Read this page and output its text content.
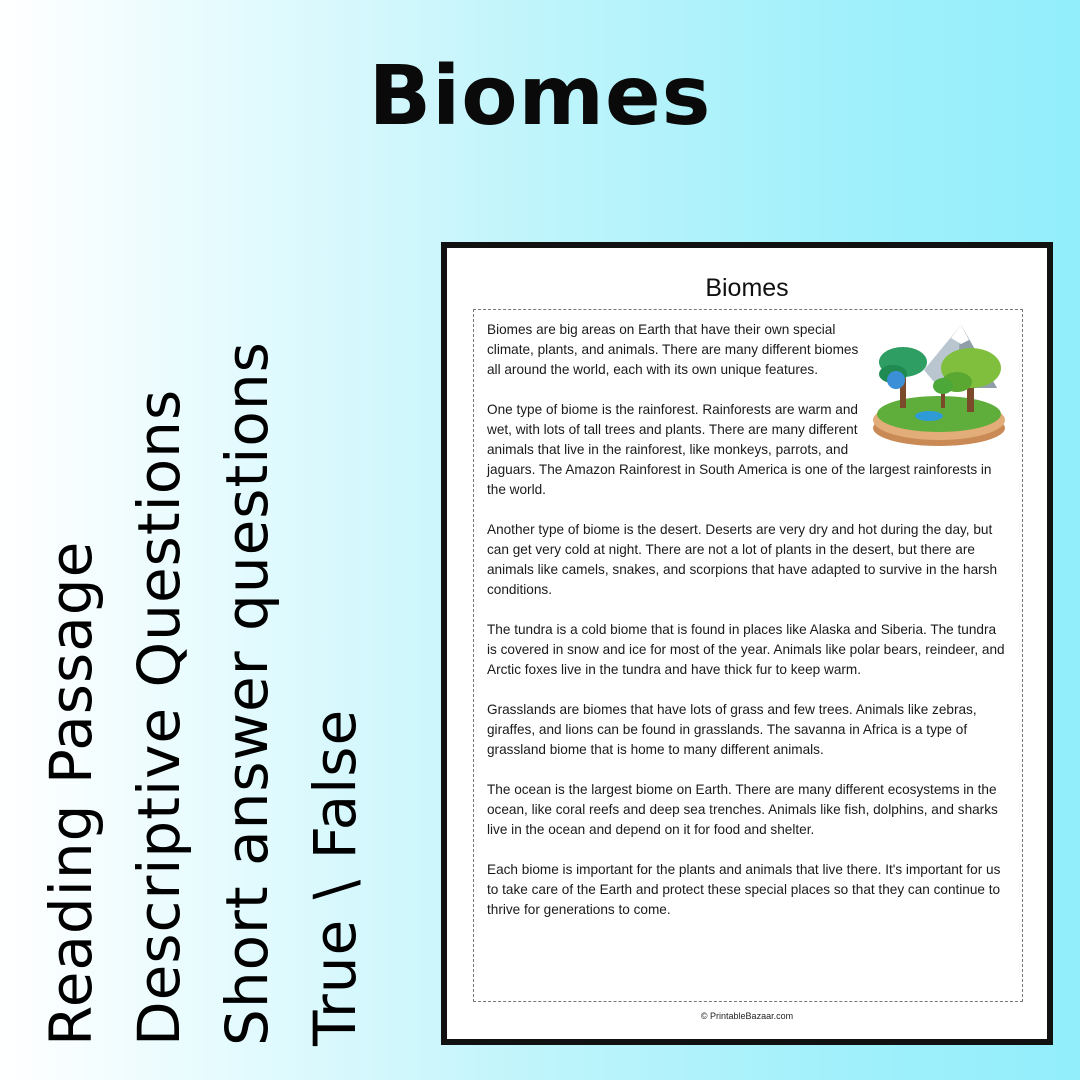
Biomes
Reading Passage Descriptive Questions Short answer questions True \ False
Biomes

Biomes are big areas on Earth that have their own special climate, plants, and animals. There are many different biomes all around the world, each with its own unique features.

One type of biome is the rainforest. Rainforests are warm and wet, with lots of tall trees and plants. There are many different animals that live in the rainforest, like monkeys, parrots, and jaguars. The Amazon Rainforest in South America is one of the largest rainforests in the world.

Another type of biome is the desert. Deserts are very dry and hot during the day, but can get very cold at night. There are not a lot of plants in the desert, but there are animals like camels, snakes, and scorpions that have adapted to survive in the harsh conditions.

The tundra is a cold biome that is found in places like Alaska and Siberia. The tundra is covered in snow and ice for most of the year. Animals like polar bears, reindeer, and Arctic foxes live in the tundra and have thick fur to keep warm.

Grasslands are biomes that have lots of grass and few trees. Animals like zebras, giraffes, and lions can be found in grasslands. The savanna in Africa is a type of grassland biome that is home to many different animals.

The ocean is the largest biome on Earth. There are many different ecosystems in the ocean, like coral reefs and deep sea trenches. Animals like fish, dolphins, and sharks live in the ocean and depend on it for food and shelter.

Each biome is important for the plants and animals that live there. It's important for us to take care of the Earth and protect these special places so that they can continue to thrive for generations to come.

© PrintableBazaar.com
